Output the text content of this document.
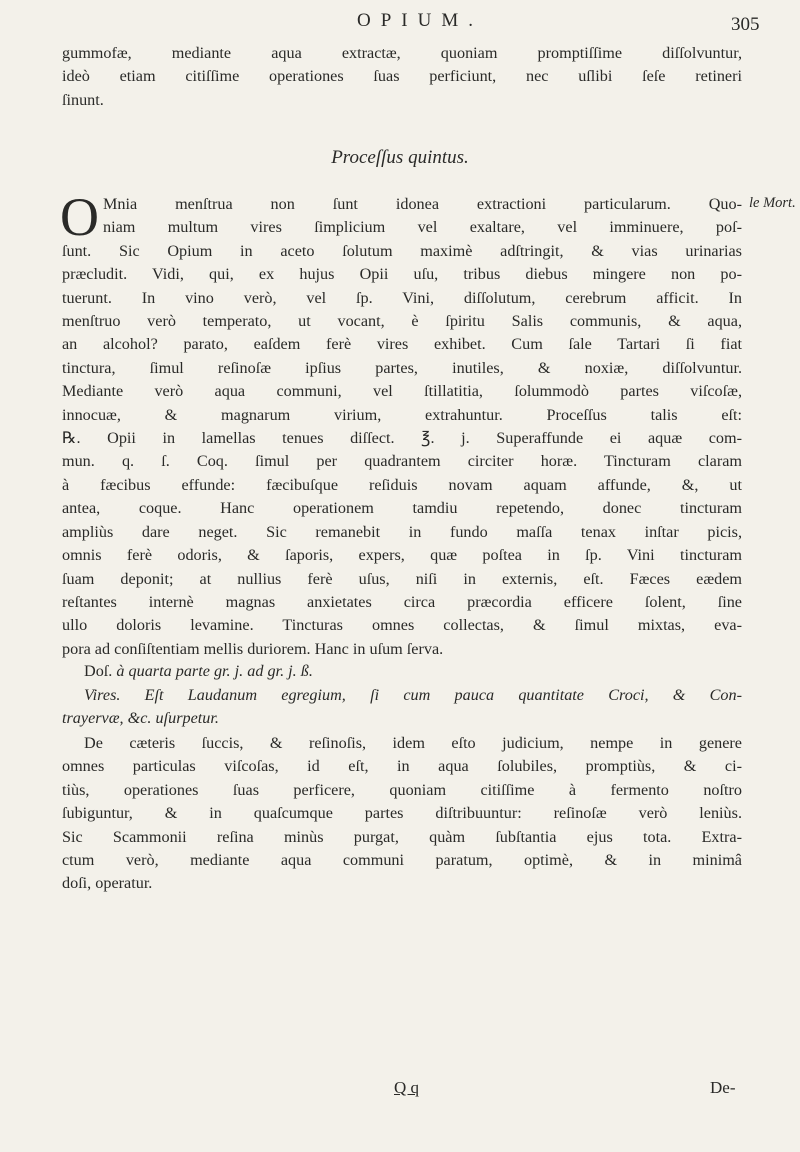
OPIUM.	305
gummofæ, mediante aqua extractæ, quoniam promptiſſime diſſolvuntur,
ideò etiam citiſſime operationes ſuas perficiunt, nec uſlibi ſeſe retineri
ſinunt.
Proceſſus quintus.
le Mort.
O Mnia menſtrua non ſunt idonea extractioni particularum. Quo-
niam multum vires ſimplicium vel exaltare, vel imminuere, poſ-
ſunt. Sic Opium in aceto ſolutum maximè adſtringit, & vias urinarias
præcludit. Vidi, qui, ex hujus Opii uſu, tribus diebus mingere non po-
tuerunt. In vino verò, vel ſp. Vini, diſſolutum, cerebrum afficit. In
menſtruo verò temperato, ut vocant, è ſpiritu Salis communis, & aqua,
an alcohol? parato, eaſdem ferè vires exhibet. Cum ſale Tartari ſi fiat
tinctura, ſimul reſinoſæ ipſius partes, inutiles, & noxiæ, diſſolvuntur.
Mediante verò aqua communi, vel ſtillatitia, ſolummodò partes viſcoſæ,
innocuæ, & magnarum virium, extrahuntur. Proceſſus talis eſt:
℞. Opii in lamellas tenues diſſect. ℥. j. Superaffunde ei aquæ com-
mun. q. ſ. Coq. ſimul per quadrantem circiter horæ. Tincturam claram
à fæcibus effunde: fæcibuſque reſiduis novam aquam affunde, &, ut
antea, coque. Hanc operationem tamdiu repetendo, donec tincturam
ampliùs dare neget. Sic remanebit in fundo maſſa tenax inſtar picis,
omnis ferè odoris, & ſaporis, expers, quæ poſtea in ſp. Vini tincturam
ſuam deponit; at nullius ferè uſus, niſi in externis, eſt. Fæces eædem
reſtantes internè magnas anxietates circa præcordia efficere ſolent, ſine
ullo doloris levamine. Tincturas omnes collectas, & ſimul mixtas, eva-
pora ad conſiſtentiam mellis duriorem. Hanc in uſum ſerva.
Doſ. à quarta parte gr. j. ad gr. j. ß.
Vires. Eſt Laudanum egregium, ſi cum pauca quantitate Croci, & Con-
trayervæ, &c. uſurpetur.
De cæteris ſuccis, & reſinoſis, idem eſto judicium, nempe in genere
omnes particulas viſcoſas, id eſt, in aqua ſolubiles, promptiùs, & ci-
tiùs, operationes ſuas perficere, quoniam citiſſime à fermento noſtro
ſubiguntur, & in quaſcumque partes diſtribuuntur: reſinoſæ verò leniùs.
Sic Scammonii reſina minùs purgat, quàm ſubſtantia ejus tota. Extra-
ctum verò, mediante aqua communi paratum, optimè, & in minimâ
doſi, operatur.
Q q	De-
